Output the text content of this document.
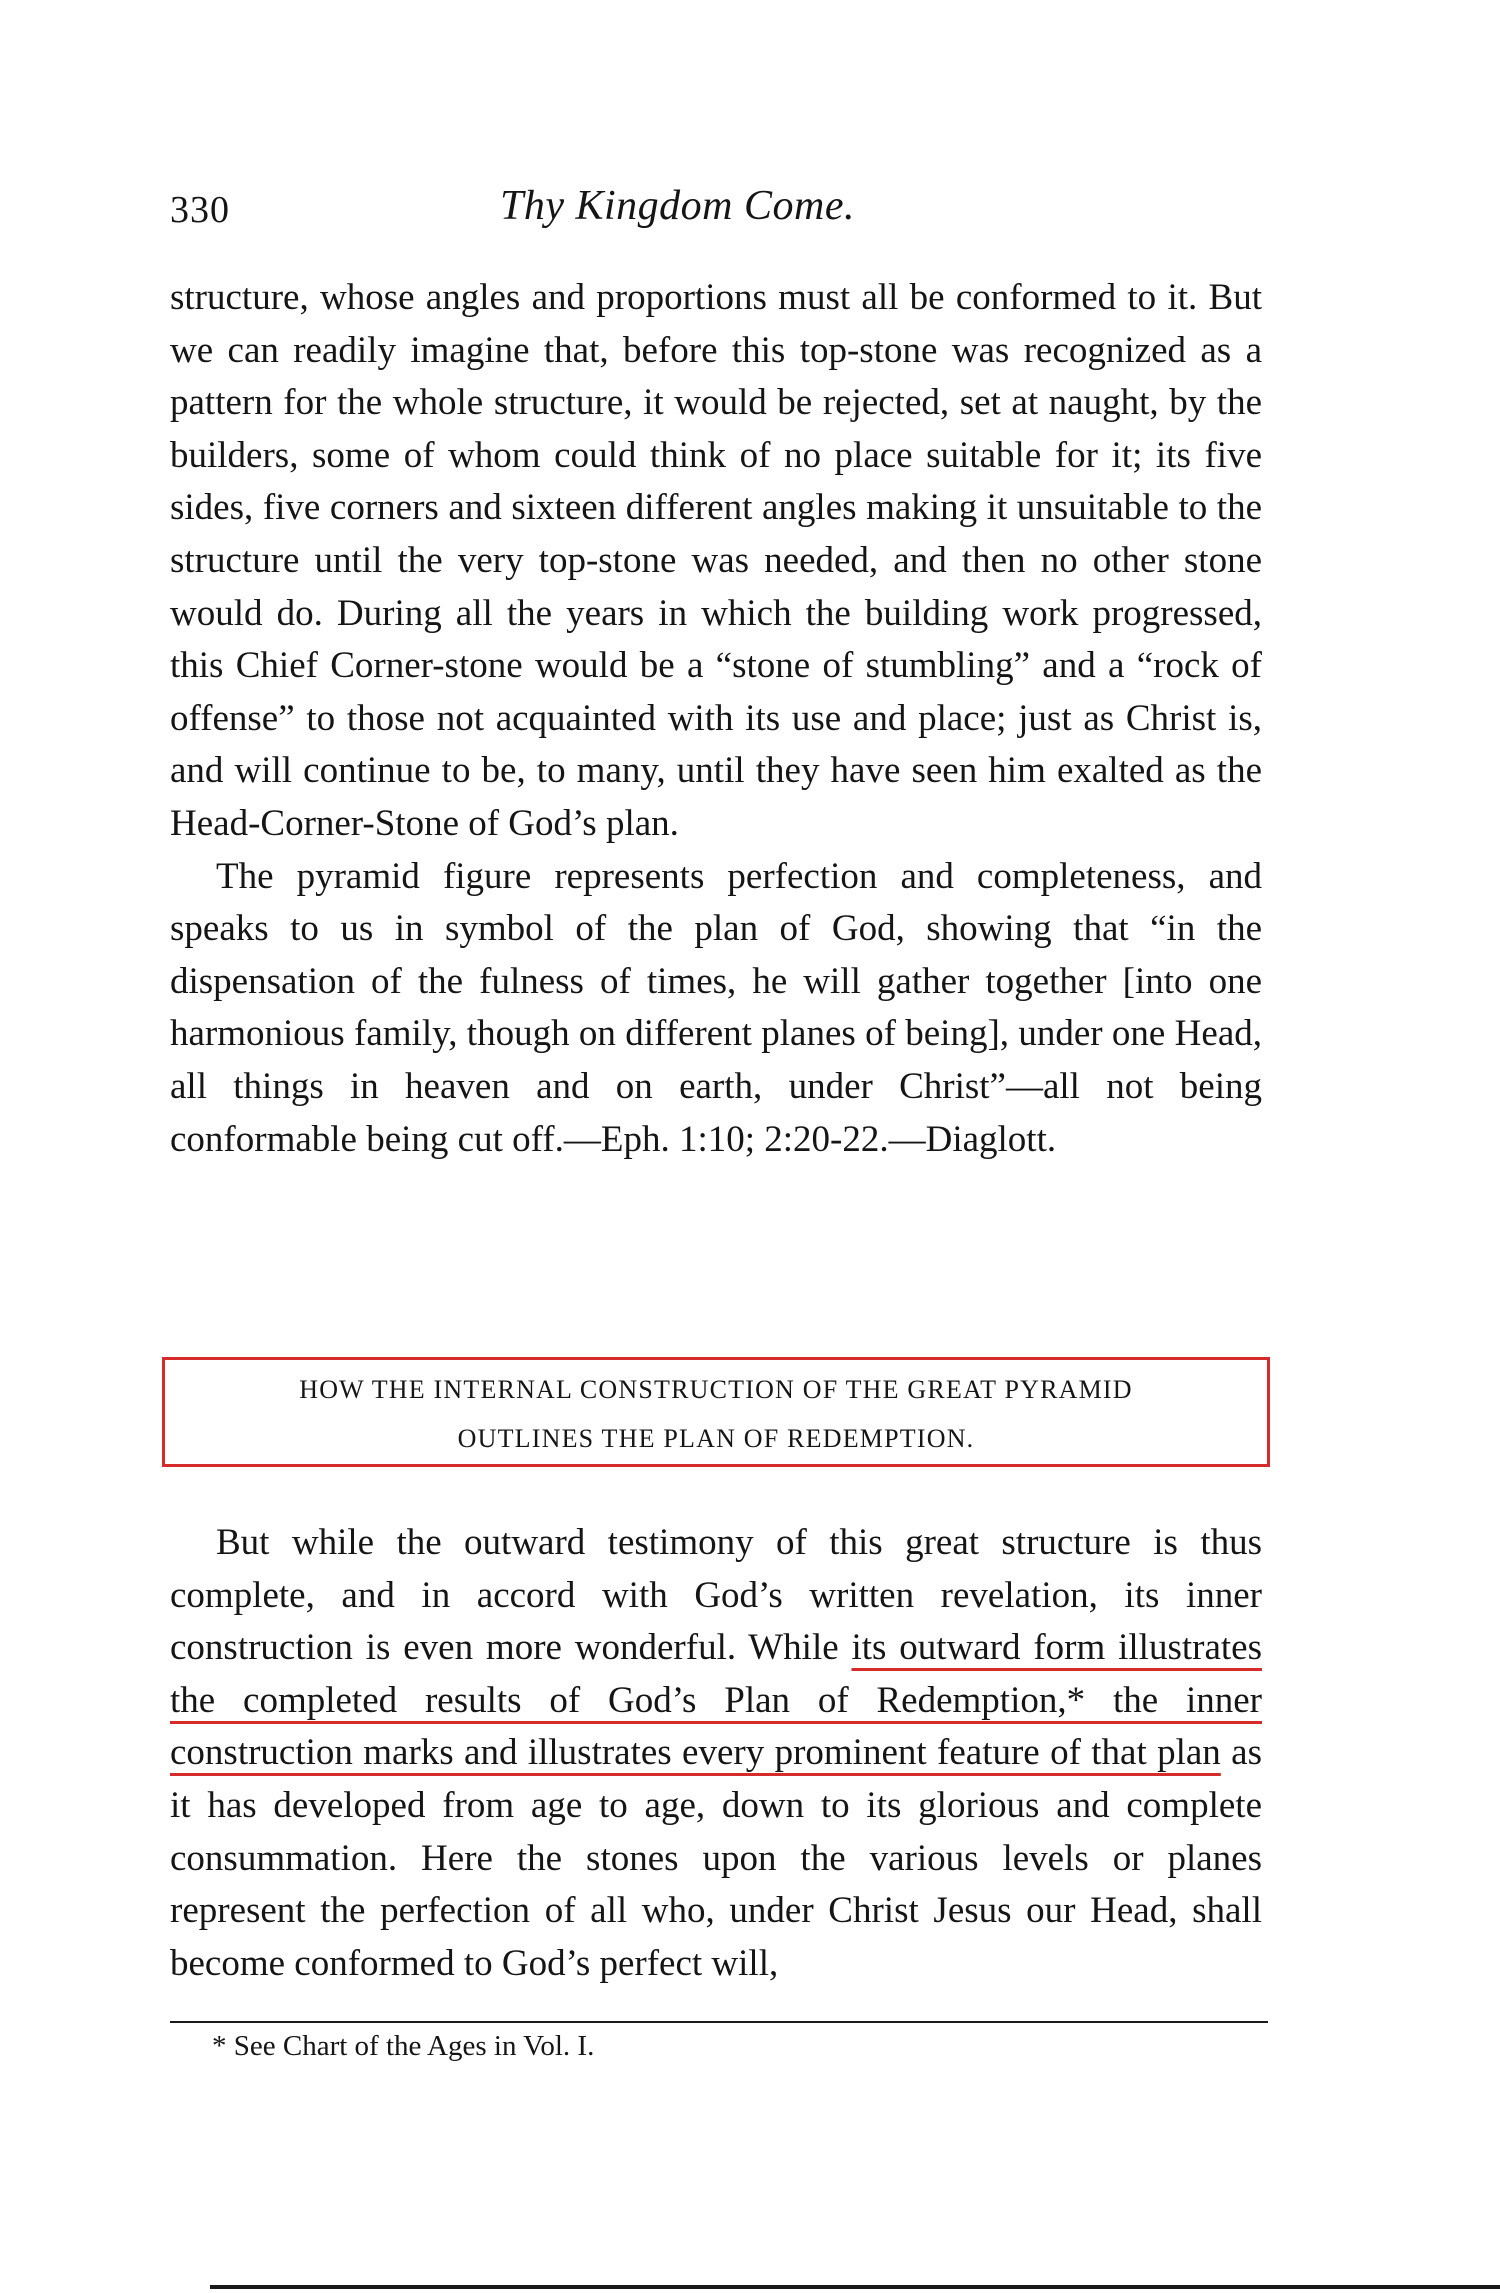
330	Thy Kingdom Come.

structure, whose angles and proportions must all be conformed to it. But we can readily imagine that, before this top-stone was recognized as a pattern for the whole structure, it would be rejected, set at naught, by the builders, some of whom could think of no place suitable for it; its five sides, five corners and sixteen different angles making it unsuitable to the structure until the very top-stone was needed, and then no other stone would do. During all the years in which the building work progressed, this Chief Corner-stone would be a “stone of stumbling” and a “rock of offense” to those not acquainted with its use and place; just as Christ is, and will continue to be, to many, until they have seen him exalted as the Head-Corner-Stone of God’s plan.

The pyramid figure represents perfection and completeness, and speaks to us in symbol of the plan of God, showing that “in the dispensation of the fulness of times, he will gather together [into one harmonious family, though on different planes of being], under one Head, all things in heaven and on earth, under Christ”—all not being conformable being cut off.—Eph. 1:10; 2:20-22.—Diaglott.

HOW THE INTERNAL CONSTRUCTION OF THE GREAT PYRAMID
OUTLINES THE PLAN OF REDEMPTION.

But while the outward testimony of this great structure is thus complete, and in accord with God’s written revelation, its inner construction is even more wonderful. While its outward form illustrates the completed results of God’s Plan of Redemption,* the inner construction marks and illustrates every prominent feature of that plan as it has developed from age to age, down to its glorious and complete consummation. Here the stones upon the various levels or planes represent the perfection of all who, under Christ Jesus our Head, shall become conformed to God’s perfect will,

* See Chart of the Ages in Vol. I.
